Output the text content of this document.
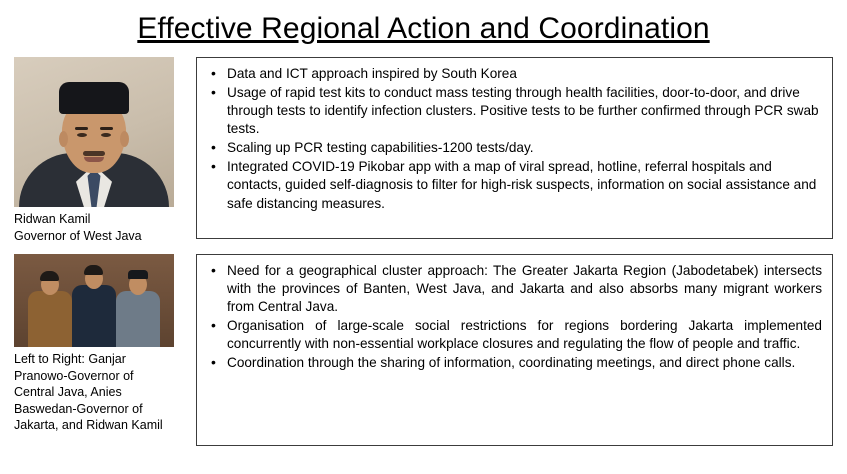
Effective Regional Action and Coordination
Ridwan Kamil
Governor of West Java
• Data and ICT approach inspired by South Korea
• Usage of rapid test kits to conduct mass testing through health facilities, door-to-door, and drive through tests to identify infection clusters. Positive tests to be further confirmed through PCR swab tests.
• Scaling up PCR testing capabilities-1200 tests/day.
• Integrated COVID-19 Pikobar app with a map of viral spread, hotline, referral hospitals and contacts, guided self-diagnosis to filter for high-risk suspects, information on social assistance and safe distancing measures.
Left to Right: Ganjar
Pranowo-Governor of
Central Java, Anies
Baswedan-Governor of
Jakarta, and Ridwan Kamil
• Need for a geographical cluster approach: The Greater Jakarta Region (Jabodetabek) intersects with the provinces of Banten, West Java, and Jakarta and also absorbs many migrant workers from Central Java.
• Organisation of large-scale social restrictions for regions bordering Jakarta implemented concurrently with non-essential workplace closures and regulating the flow of people and traffic.
• Coordination through the sharing of information, coordinating meetings, and direct phone calls.
